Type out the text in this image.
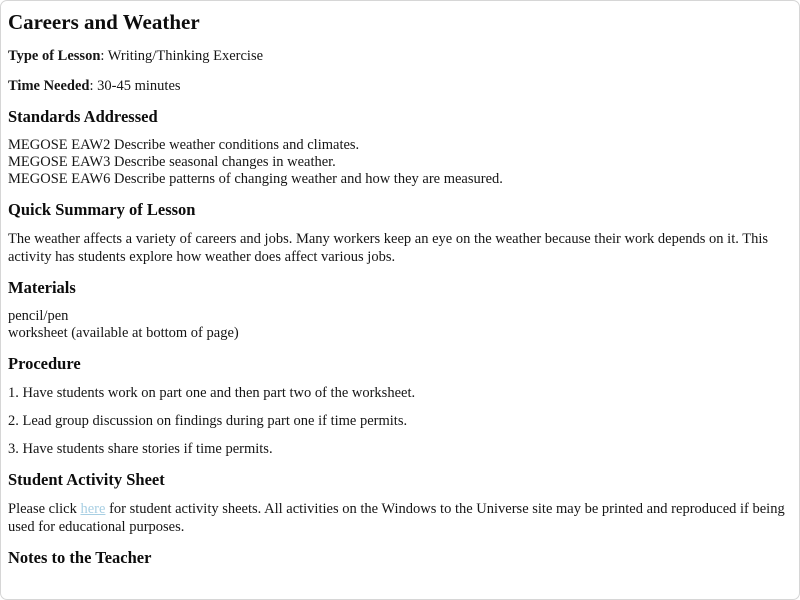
Careers and Weather

Type of Lesson: Writing/Thinking Exercise

Time Needed: 30-45 minutes

Standards Addressed
MEGOSE EAW2 Describe weather conditions and climates.
MEGOSE EAW3 Describe seasonal changes in weather.
MEGOSE EAW6 Describe patterns of changing weather and how they are measured.
Quick Summary of Lesson

The weather affects a variety of careers and jobs. Many workers keep an eye on the weather because their work depends on it. This activity has students explore how weather does affect various jobs.

Materials
pencil/pen
worksheet (available at bottom of page)
Procedure

1. Have students work on part one and then part two of the worksheet.

2. Lead group discussion on findings during part one if time permits.

3. Have students share stories if time permits.

Student Activity Sheet

Please click here for student activity sheets. All activities on the Windows to the Universe site may be printed and reproduced if being used for educational purposes.

Notes to the Teacher
